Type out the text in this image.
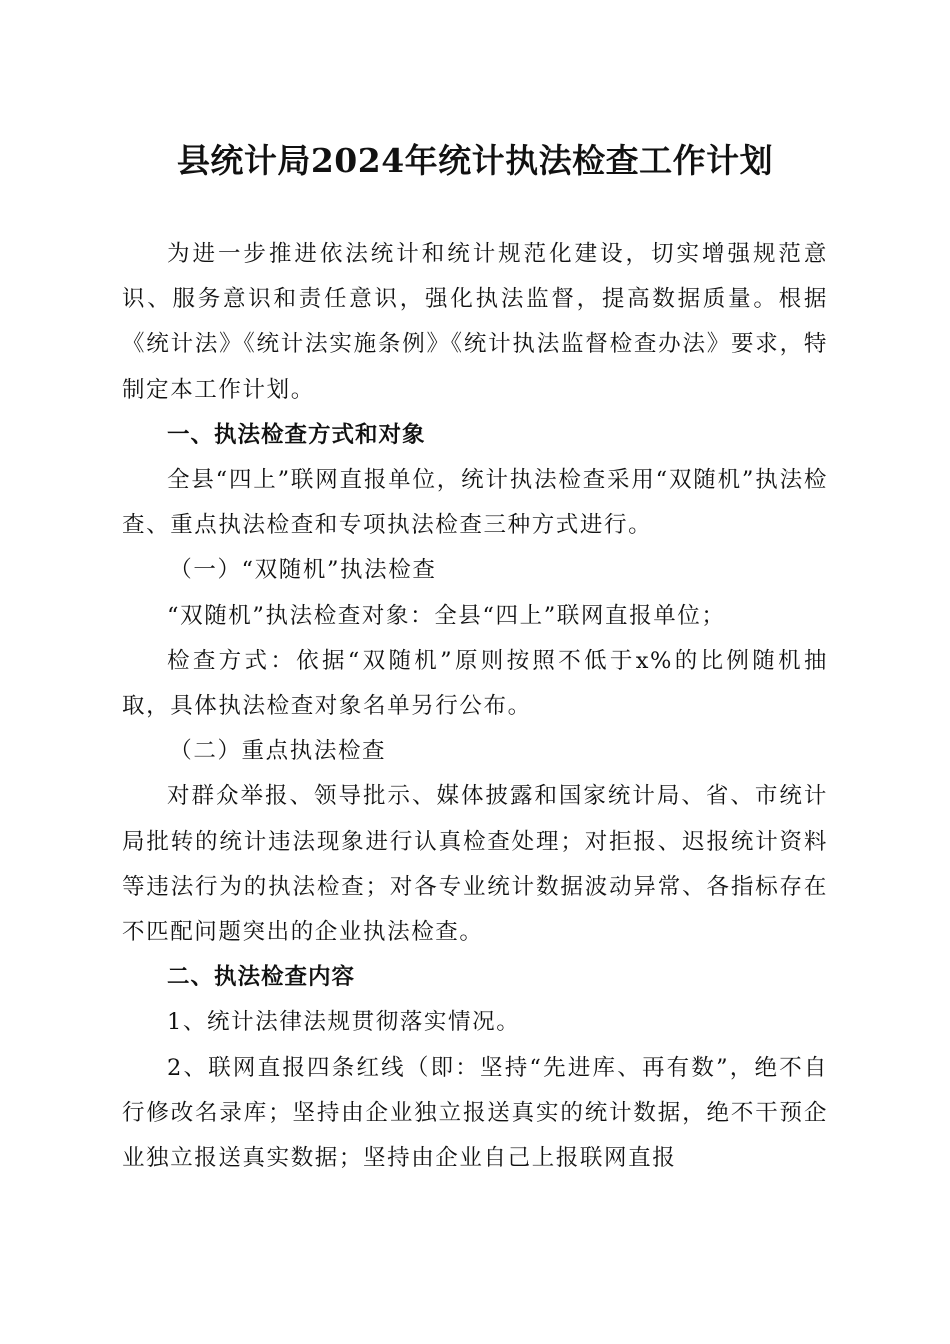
县统计局2024年统计执法检查工作计划

为进一步推进依法统计和统计规范化建设，切实增强规范意识、服务意识和责任意识，强化执法监督，提高数据质量。根据《统计法》《统计法实施条例》《统计执法监督检查办法》要求，特制定本工作计划。

一、执法检查方式和对象

全县“四上”联网直报单位，统计执法检查采用“双随机”执法检查、重点执法检查和专项执法检查三种方式进行。

（一）“双随机”执法检查

“双随机”执法检查对象：全县“四上”联网直报单位；

检查方式：依据“双随机”原则按照不低于x%的比例随机抽取，具体执法检查对象名单另行公布。

（二）重点执法检查

对群众举报、领导批示、媒体披露和国家统计局、省、市统计局批转的统计违法现象进行认真检查处理；对拒报、迟报统计资料等违法行为的执法检查；对各专业统计数据波动异常、各指标存在不匹配问题突出的企业执法检查。

二、执法检查内容

1、统计法律法规贯彻落实情况。

2、联网直报四条红线（即：坚持“先进库、再有数”，绝不自行修改名录库；坚持由企业独立报送真实的统计数据，绝不干预企业独立报送真实数据；坚持由企业自己上报联网直报
